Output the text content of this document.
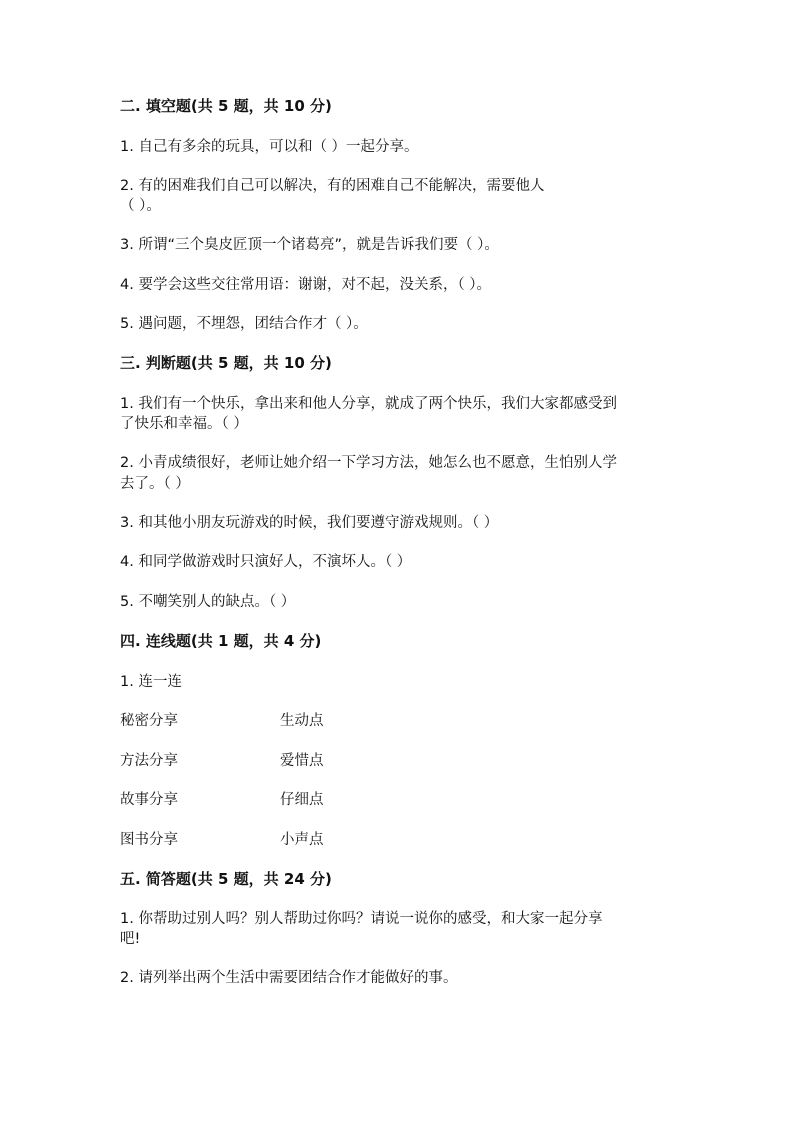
二. 填空题(共 5 题，共 10 分)
1. 自己有多余的玩具，可以和（ ）一起分享。
2. 有的困难我们自己可以解决，有的困难自己不能解决，需要他人
（ ）。
3. 所谓“三个臭皮匠顶一个诸葛亮”，就是告诉我们要（ ）。
4. 要学会这些交往常用语：谢谢，对不起，没关系，（ ）。
5. 遇问题，不埋怨，团结合作才（ ）。
三. 判断题(共 5 题，共 10 分)
1. 我们有一个快乐，拿出来和他人分享，就成了两个快乐，我们大家都感受到
了快乐和幸福。（ ）
2. 小青成绩很好，老师让她介绍一下学习方法，她怎么也不愿意，生怕别人学
去了。（ ）
3. 和其他小朋友玩游戏的时候，我们要遵守游戏规则。（ ）
4. 和同学做游戏时只演好人，不演坏人。（ ）
5. 不嘲笑别人的缺点。（ ）
四. 连线题(共 1 题，共 4 分)
1. 连一连
秘密分享	生动点
方法分享	爱惜点
故事分享	仔细点
图书分享	小声点
五. 简答题(共 5 题，共 24 分)
1. 你帮助过别人吗？别人帮助过你吗？请说一说你的感受，和大家一起分享
吧!
2. 请列举出两个生活中需要团结合作才能做好的事。
